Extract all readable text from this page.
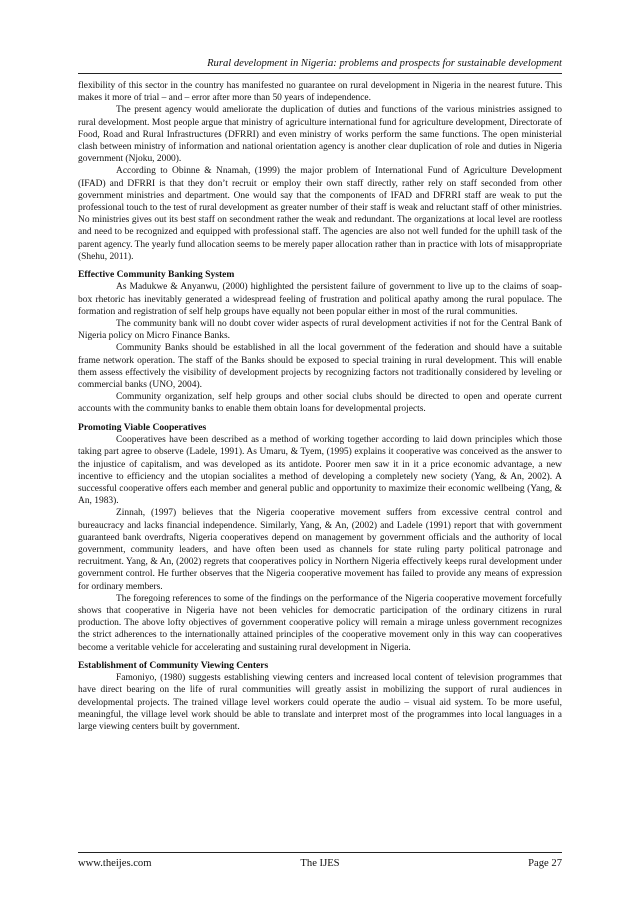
Rural development in Nigeria: problems and prospects for sustainable development

flexibility of this sector in the country has manifested no guarantee on rural development in Nigeria in the nearest future. This makes it more of trial – and – error after more than 50 years of independence.

The present agency would ameliorate the duplication of duties and functions of the various ministries assigned to rural development. Most people argue that ministry of agriculture international fund for agriculture development, Directorate of Food, Road and Rural Infrastructures (DFRRI) and even ministry of works perform the same functions. The open ministerial clash between ministry of information and national orientation agency is another clear duplication of role and duties in Nigeria government (Njoku, 2000).

According to Obinne & Nnamah, (1999) the major problem of International Fund of Agriculture Development (IFAD) and DFRRI is that they don’t recruit or employ their own staff directly, rather rely on staff seconded from other government ministries and department. One would say that the components of IFAD and DFRRI staff are weak to put the professional touch to the test of rural development as greater number of their staff is weak and reluctant staff of other ministries. No ministries gives out its best staff on secondment rather the weak and redundant. The organizations at local level are rootless and need to be recognized and equipped with professional staff. The agencies are also not well funded for the uphill task of the parent agency. The yearly fund allocation seems to be merely paper allocation rather than in practice with lots of misappropriate (Shehu, 2011).

Effective Community Banking System

As Madukwe & Anyanwu, (2000) highlighted the persistent failure of government to live up to the claims of soap-box rhetoric has inevitably generated a widespread feeling of frustration and political apathy among the rural populace. The formation and registration of self help groups have equally not been popular either in most of the rural communities.

The community bank will no doubt cover wider aspects of rural development activities if not for the Central Bank of Nigeria policy on Micro Finance Banks.

Community Banks should be established in all the local government of the federation and should have a suitable frame network operation. The staff of the Banks should be exposed to special training in rural development. This will enable them assess effectively the visibility of development projects by recognizing factors not traditionally considered by leveling or commercial banks (UNO, 2004).

Community organization, self help groups and other social clubs should be directed to open and operate current accounts with the community banks to enable them obtain loans for developmental projects.

Promoting Viable Cooperatives

Cooperatives have been described as a method of working together according to laid down principles which those taking part agree to observe (Ladele, 1991). As Umaru, & Tyem, (1995) explains it cooperative was conceived as the answer to the injustice of capitalism, and was developed as its antidote. Poorer men saw it in it a price economic advantage, a new incentive to efficiency and the utopian socialites a method of developing a completely new society (Yang, & An, 2002). A successful cooperative offers each member and general public and opportunity to maximize their economic wellbeing (Yang, & An, 1983).

Zinnah, (1997) believes that the Nigeria cooperative movement suffers from excessive central control and bureaucracy and lacks financial independence. Similarly, Yang, & An, (2002) and Ladele (1991) report that with government guaranteed bank overdrafts, Nigeria cooperatives depend on management by government officials and the authority of local government, community leaders, and have often been used as channels for state ruling party political patronage and recruitment. Yang, & An, (2002) regrets that cooperatives policy in Northern Nigeria effectively keeps rural development under government control. He further observes that the Nigeria cooperative movement has failed to provide any means of expression for ordinary members.

The foregoing references to some of the findings on the performance of the Nigeria cooperative movement forcefully shows that cooperative in Nigeria have not been vehicles for democratic participation of the ordinary citizens in rural production. The above lofty objectives of government cooperative policy will remain a mirage unless government recognizes the strict adherences to the internationally attained principles of the cooperative movement only in this way can cooperatives become a veritable vehicle for accelerating and sustaining rural development in Nigeria.

Establishment of Community Viewing Centers

Famoniyo, (1980) suggests establishing viewing centers and increased local content of television programmes that have direct bearing on the life of rural communities will greatly assist in mobilizing the support of rural audiences in developmental projects. The trained village level workers could operate the audio – visual aid system. To be more useful, meaningful, the village level work should be able to translate and interpret most of the programmes into local languages in a large viewing centers built by government.

www.theijes.com	The IJES	Page 27
